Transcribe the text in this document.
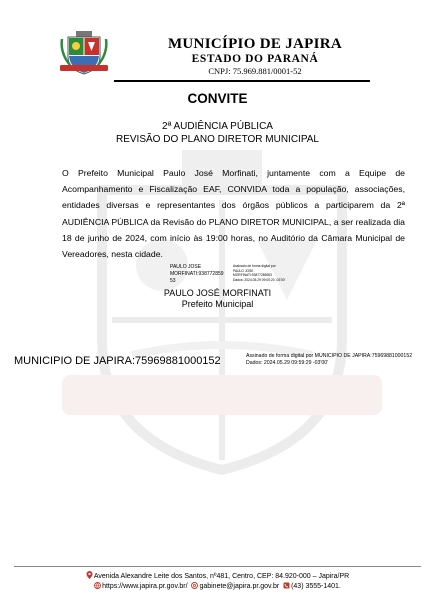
MUNICÍPIO DE JAPIRA
ESTADO DO PARANÁ
CNPJ: 75.969.881/0001-52
CONVITE
2ª AUDIÊNCIA PÚBLICA
REVISÃO DO PLANO DIRETOR MUNICIPAL
O Prefeito Municipal Paulo José Morfinati, juntamente com a Equipe de Acompanhamento e Fiscalização EAF, CONVIDA toda a população, associações, entidades diversas e representantes dos órgãos públicos a participarem da 2ª AUDIÊNCIA PÚBLICA da Revisão do PLANO DIRETOR MUNICIPAL, a ser realizada dia 18 de junho de 2024, com início às 19:00 horas, no Auditório da Câmara Municipal de Vereadores, nesta cidade.
PAULO JOSE
MORFINATI:938772859
53
Assinado de forma digital por
PAULO JOSE
MORFINATI:93877285953
Dados: 2024.05.29 09:00:20 -03'00'
PAULO JOSÉ MORFINATI
Prefeito Municipal
MUNICIPIO DE JAPIRA:75969881000152	Assinado de forma digital por MUNICIPIO DE JAPIRA:75969881000152
Dados: 2024.05.29 09:59:29 -03'00'
Avenida Alexandre Leite dos Santos, nº481, Centro, CEP: 84.920-000 – Japira/PR
https://www.japira.pr.gov.br/ gabinete@japira.pr.gov.br (43) 3555-1401.
